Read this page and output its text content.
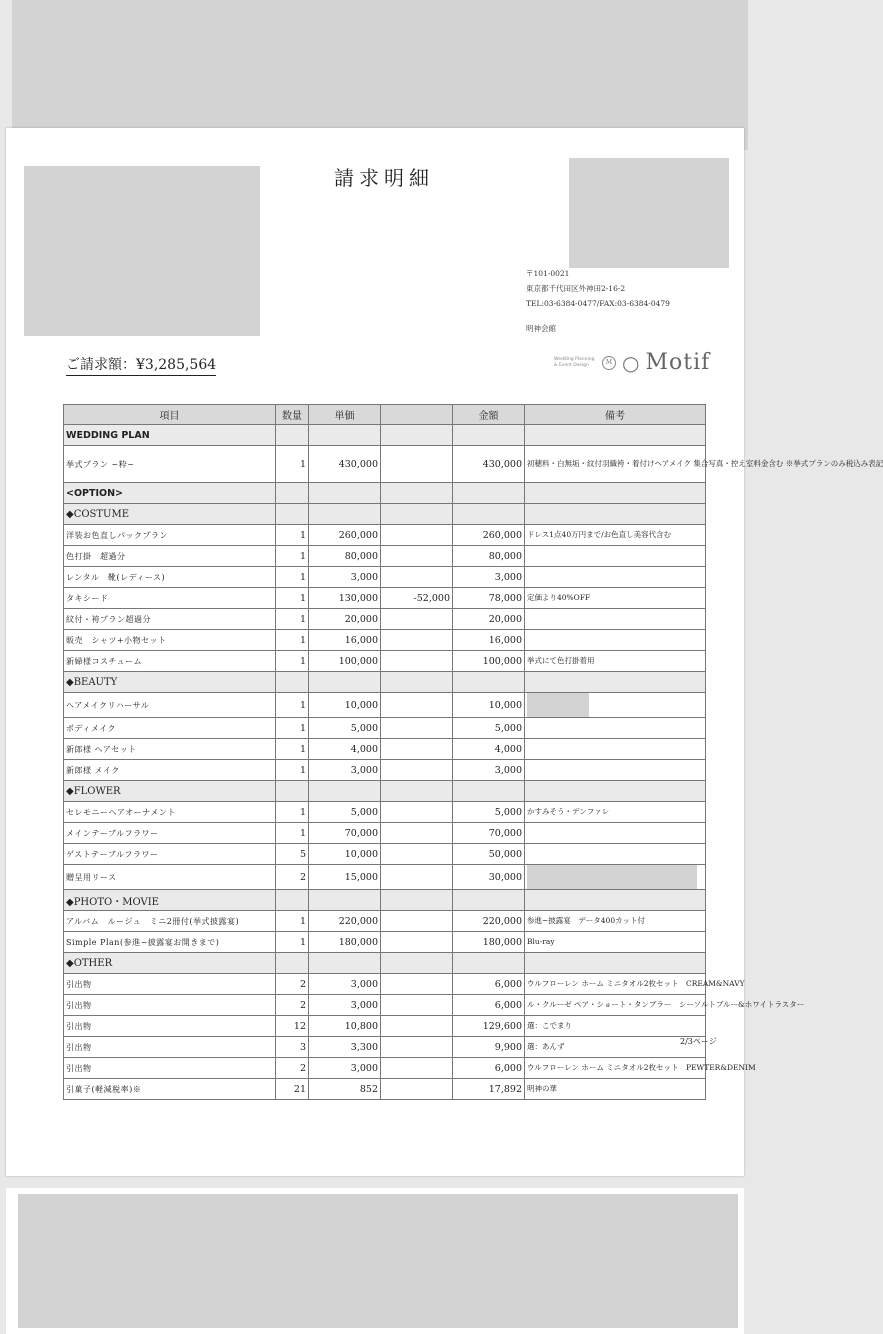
請求明細
〒101-0021
東京都千代田区外神田2-16-2
TEL:03-6384-0477/FAX:03-6384-0479
明神会館
ご請求額：¥3,285,564	Wedding Planning
& Event Design	M ○ Motif
項目	数量	単価		金額	備考
WEDDING PLAN					
挙式プラン ~粋~	1	430,000		430,000	初穂料・白無垢・紋付羽織袴・着付けヘアメイク 集合写真・控え室料金含む ※挙式プランのみ税込み表記
<OPTION>					
◆COSTUME					
洋装お色直しパックプラン	1	260,000		260,000	ドレス1点40万円まで/お色直し美容代含む
色打掛　超過分	1	80,000		80,000	
レンタル　靴(レディース)	1	3,000		3,000	
タキシード	1	130,000	-52,000	78,000	定価より40%OFF
紋付・袴プラン超過分	1	20,000		20,000	
販売　シャツ+小物セット	1	16,000		16,000	
新婦様コスチューム	1	100,000		100,000	挙式にて色打掛着用
◆BEAUTY					
ヘアメイクリハーサル	1	10,000		10,000	
ボディメイク	1	5,000		5,000	
新郎様 ヘアセット	1	4,000		4,000	
新郎様 メイク	1	3,000		3,000	
◆FLOWER					
セレモニーヘアオーナメント	1	5,000		5,000	かすみそう・デンファレ
メインテーブルフラワー	1	70,000		70,000	
ゲストテーブルフラワー	5	10,000		50,000	
贈呈用リース	2	15,000		30,000	
◆PHOTO・MOVIE					
アルバム　ルージュ　ミニ2冊付(挙式披露宴)	1	220,000		220,000	参進~披露宴　データ400カット付
Simple Plan(参進~披露宴お開きまで)	1	180,000		180,000	Blu-ray
◆OTHER					
引出物	2	3,000		6,000	ウルフローレン ホーム ミニタオル2枚セット　CREAM&NAVY
引出物	2	3,000		6,000	ル・クルーゼ ペア・ショート・タンブラー　シーソルトブルー&ホワイトラスター
引出物	12	10,800		129,600	選：こでまり
引出物	3	3,300		9,900	選：あんず
引出物	2	3,000		6,000	ウルフローレン ホーム ミニタオル2枚セット　PEWTER&DENIM
引菓子(軽減税率)※	21	852		17,892	明神の華
2/3ページ
